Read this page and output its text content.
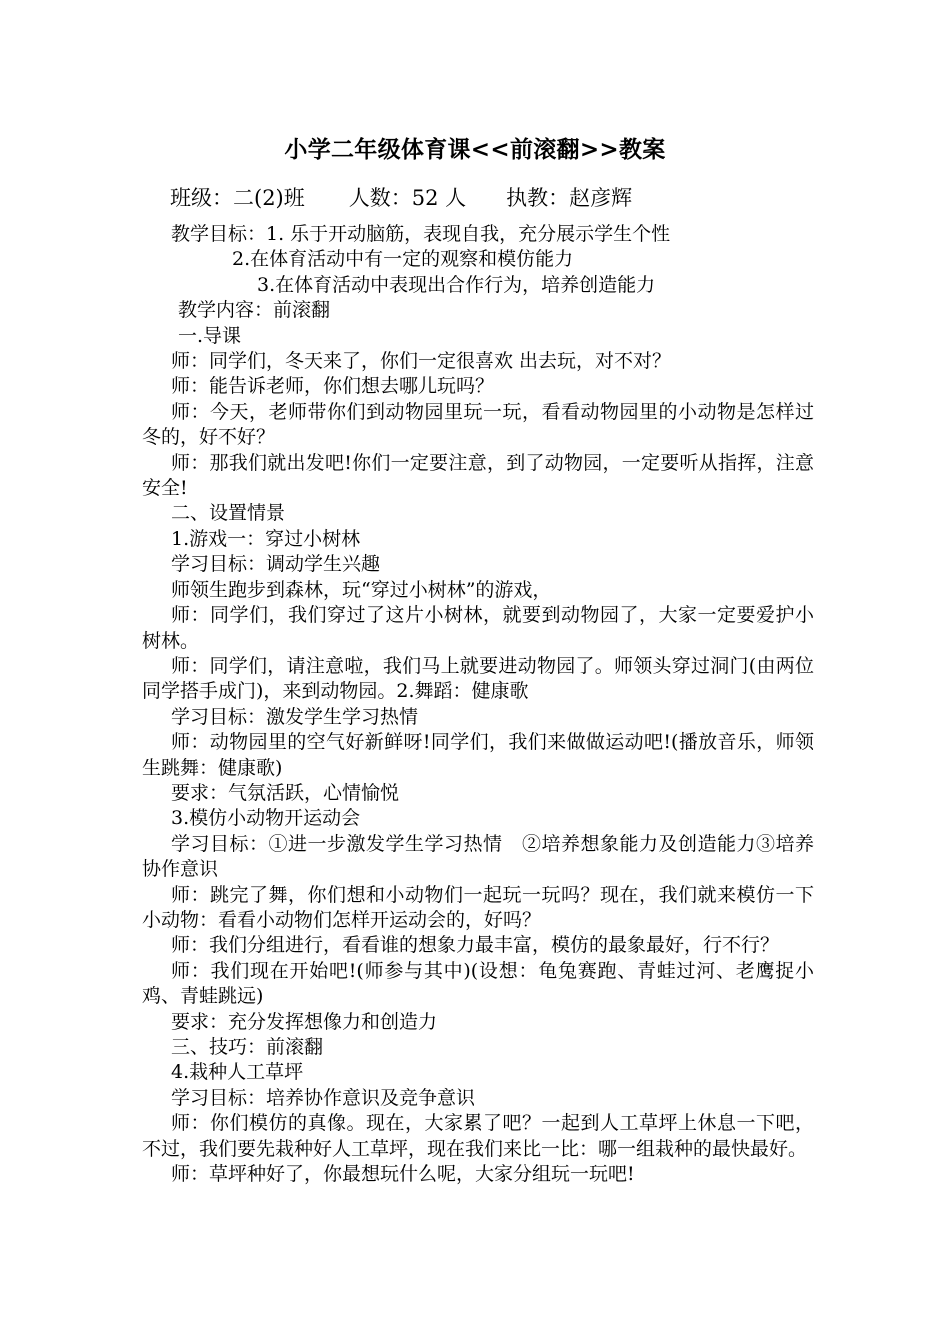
小学二年级体育课<<前滚翻>>教案
班级：二(2)班 人数：52 人 执教：赵彦辉

教学目标：1. 乐于开动脑筋，表现自我，充分展示学生个性

2.在体育活动中有一定的观察和模仿能力

3.在体育活动中表现出合作行为，培养创造能力

教学内容：前滚翻

一.导课

师：同学们，冬天来了，你们一定很喜欢 出去玩，对不对？

师：能告诉老师，你们想去哪儿玩吗？

师：今天，老师带你们到动物园里玩一玩，看看动物园里的小动物是怎样过冬的，好不好？

师：那我们就出发吧!你们一定要注意，到了动物园，一定要听从指挥，注意安全!

二、设置情景

1.游戏一：穿过小树林

学习目标：调动学生兴趣

师领生跑步到森林，玩“穿过小树林”的游戏，

师：同学们，我们穿过了这片小树林，就要到动物园了，大家一定要爱护小树林。

师：同学们，请注意啦，我们马上就要进动物园了。师领头穿过洞门(由两位同学搭手成门)，来到动物园。2.舞蹈：健康歌

学习目标：激发学生学习热情

师：动物园里的空气好新鲜呀!同学们，我们来做做运动吧!(播放音乐，师领生跳舞：健康歌)

要求：气氛活跃，心情愉悦

3.模仿小动物开运动会

学习目标：①进一步激发学生学习热情　②培养想象能力及创造能力③培养协作意识

师：跳完了舞，你们想和小动物们一起玩一玩吗？现在，我们就来模仿一下小动物：看看小动物们怎样开运动会的，好吗？

师：我们分组进行，看看谁的想象力最丰富，模仿的最象最好，行不行？

师：我们现在开始吧!(师参与其中)(设想：龟兔赛跑、青蛙过河、老鹰捉小鸡、青蛙跳远)

要求：充分发挥想像力和创造力

三、技巧：前滚翻

4.栽种人工草坪

学习目标：培养协作意识及竞争意识

师：你们模仿的真像。现在，大家累了吧？一起到人工草坪上休息一下吧，不过，我们要先栽种好人工草坪，现在我们来比一比：哪一组栽种的最快最好。

师：草坪种好了，你最想玩什么呢，大家分组玩一玩吧!
